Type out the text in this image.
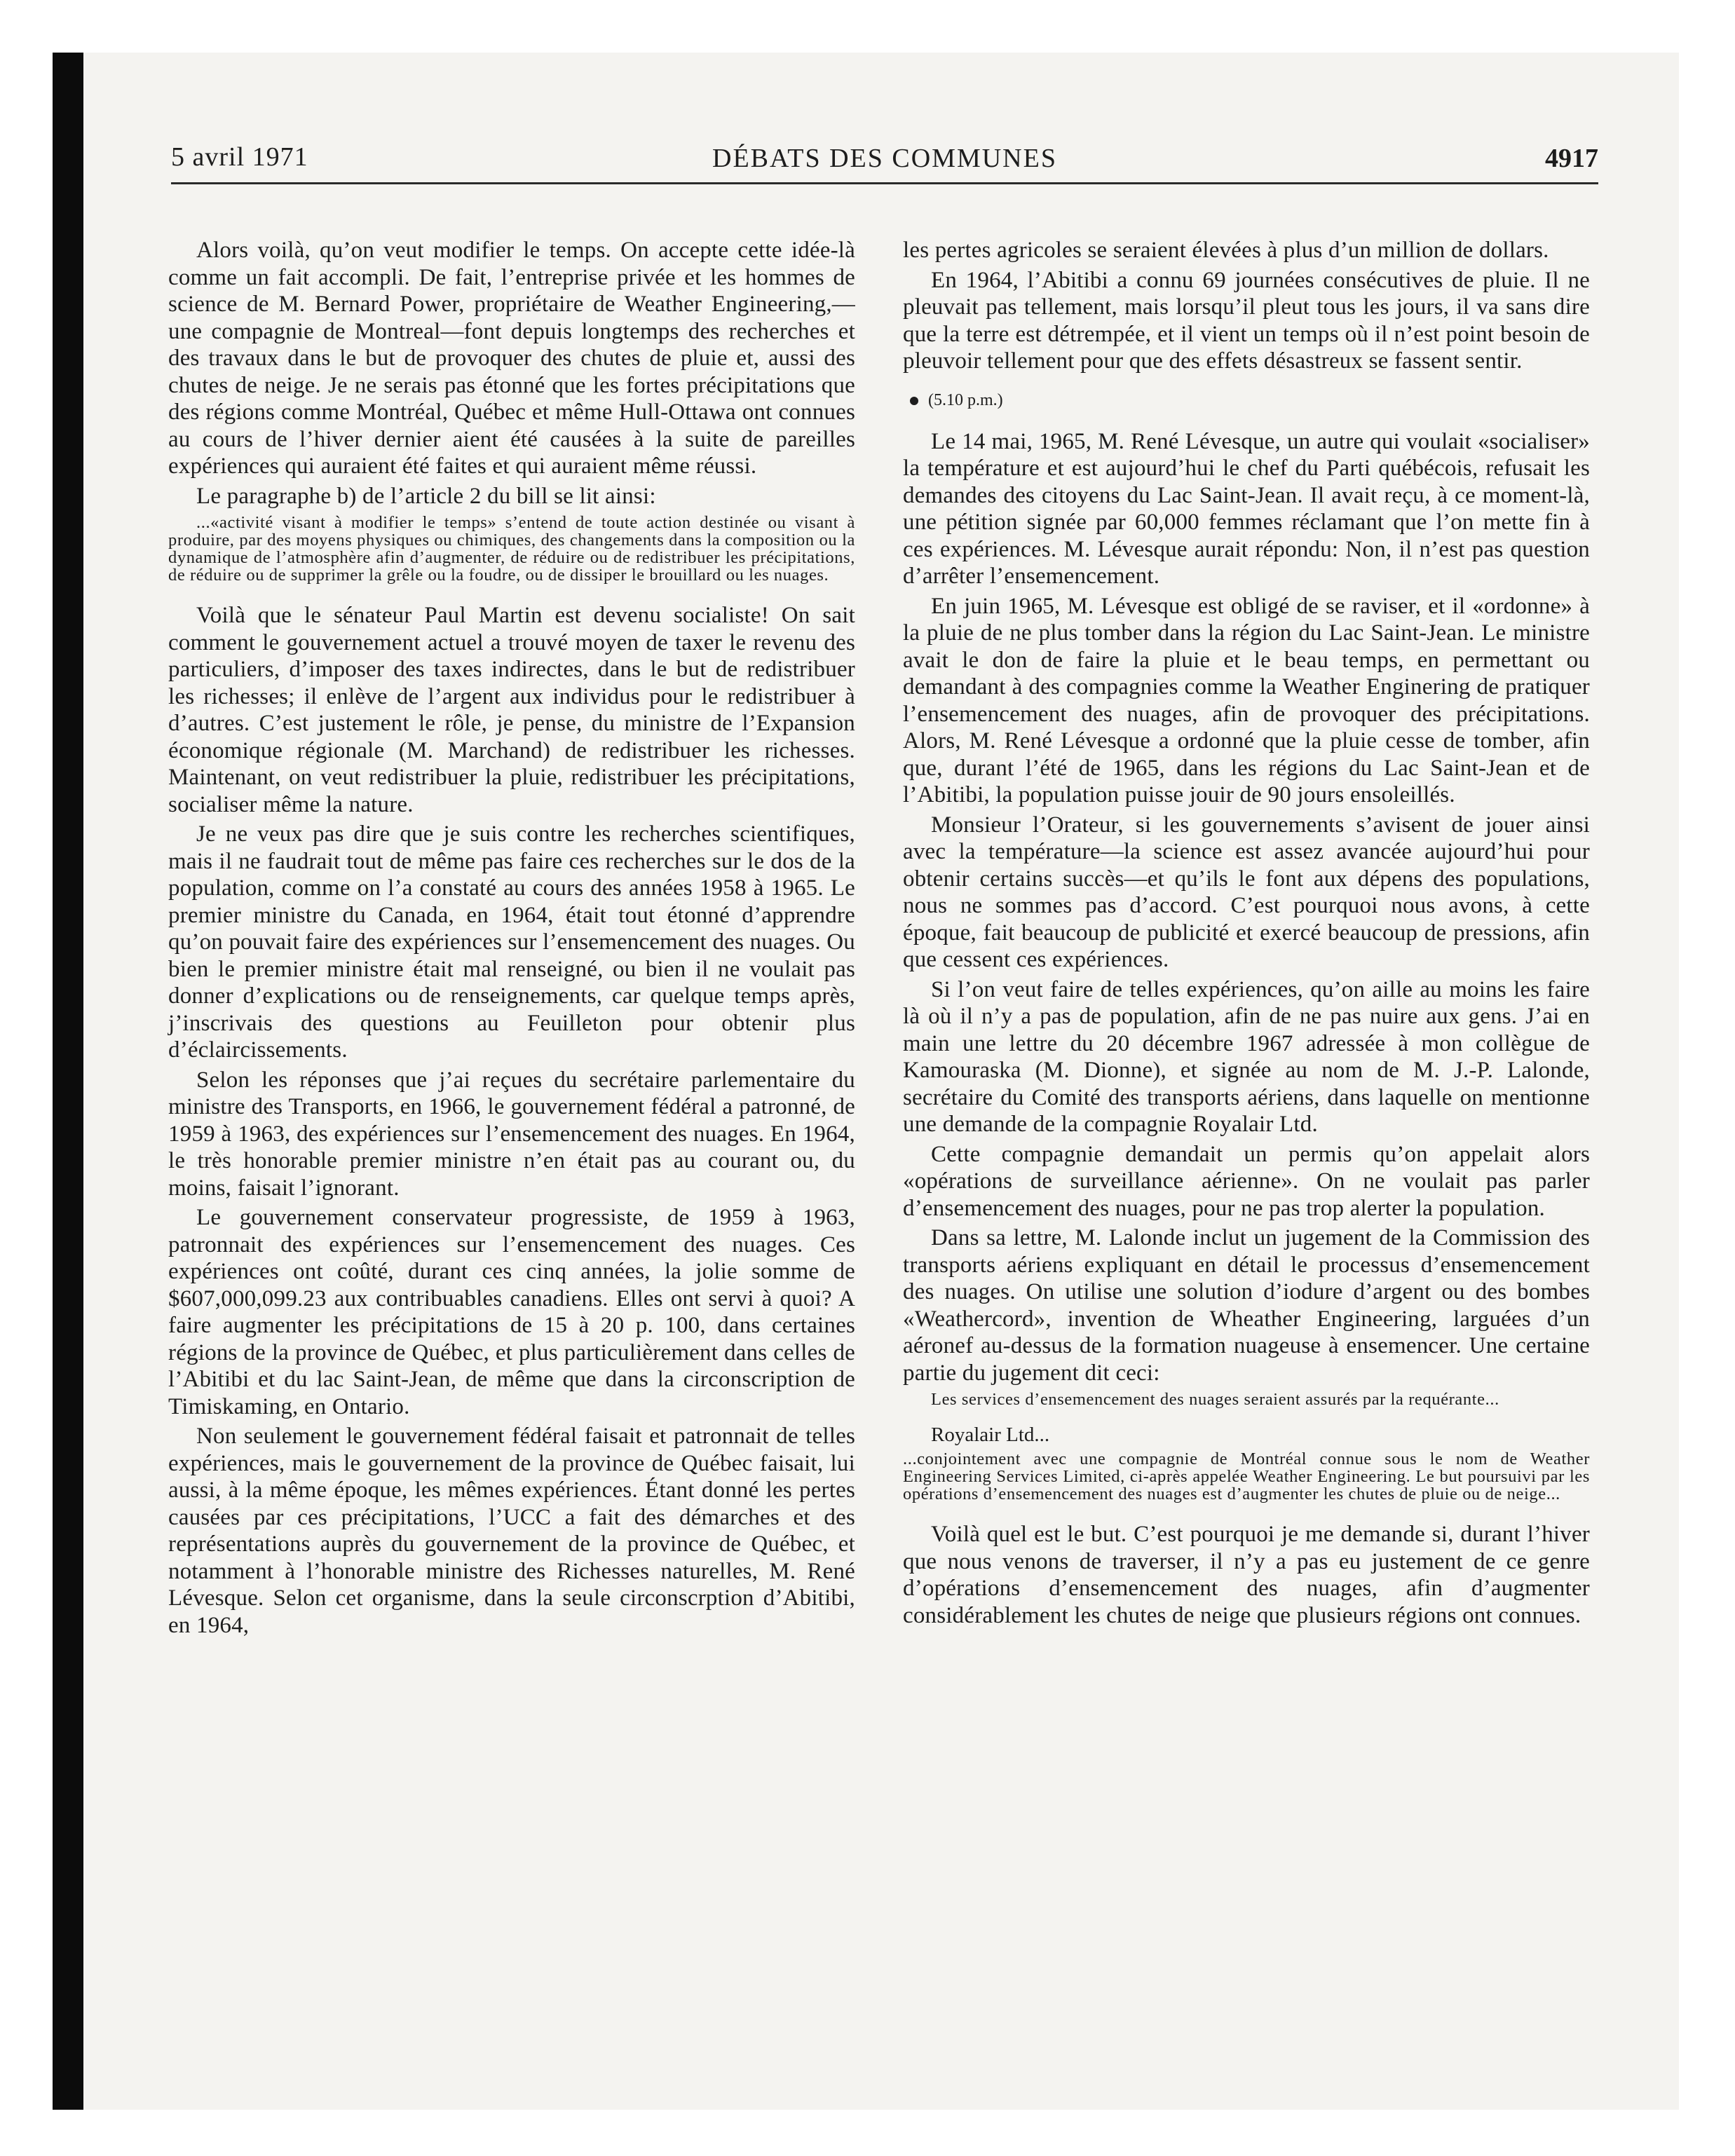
5 avril 1971	DÉBATS DES COMMUNES	4917

Alors voilà, qu’on veut modifier le temps. On accepte cette idée-là comme un fait accompli. De fait, l’entreprise privée et les hommes de science de M. Bernard Power, propriétaire de Weather Engineering,—une compagnie de Montreal—font depuis longtemps des recherches et des travaux dans le but de provoquer des chutes de pluie et, aussi des chutes de neige. Je ne serais pas étonné que les fortes précipitations que des régions comme Montréal, Québec et même Hull-Ottawa ont connues au cours de l’hiver dernier aient été causées à la suite de pareilles expériences qui auraient été faites et qui auraient même réussi.

Le paragraphe b) de l’article 2 du bill se lit ainsi:

...«activité visant à modifier le temps» s’entend de toute action destinée ou visant à produire, par des moyens physiques ou chimiques, des changements dans la composition ou la dynamique de l’atmosphère afin d’augmenter, de réduire ou de redistribuer les précipitations, de réduire ou de supprimer la grêle ou la foudre, ou de dissiper le brouillard ou les nuages.

Voilà que le sénateur Paul Martin est devenu socialiste! On sait comment le gouvernement actuel a trouvé moyen de taxer le revenu des particuliers, d’imposer des taxes indirectes, dans le but de redistribuer les richesses; il enlève de l’argent aux individus pour le redistribuer à d’autres. C’est justement le rôle, je pense, du ministre de l’Expansion économique régionale (M. Marchand) de redistribuer les richesses. Maintenant, on veut redistribuer la pluie, redistribuer les précipitations, socialiser même la nature.

Je ne veux pas dire que je suis contre les recherches scientifiques, mais il ne faudrait tout de même pas faire ces recherches sur le dos de la population, comme on l’a constaté au cours des années 1958 à 1965. Le premier ministre du Canada, en 1964, était tout étonné d’apprendre qu’on pouvait faire des expériences sur l’ensemencement des nuages. Ou bien le premier ministre était mal renseigné, ou bien il ne voulait pas donner d’explications ou de renseignements, car quelque temps après, j’inscrivais des questions au Feuilleton pour obtenir plus d’éclaircissements.

Selon les réponses que j’ai reçues du secrétaire parlementaire du ministre des Transports, en 1966, le gouvernement fédéral a patronné, de 1959 à 1963, des expériences sur l’ensemencement des nuages. En 1964, le très honorable premier ministre n’en était pas au courant ou, du moins, faisait l’ignorant.

Le gouvernement conservateur progressiste, de 1959 à 1963, patronnait des expériences sur l’ensemencement des nuages. Ces expériences ont coûté, durant ces cinq années, la jolie somme de $607,000,099.23 aux contribuables canadiens. Elles ont servi à quoi? A faire augmenter les précipitations de 15 à 20 p. 100, dans certaines régions de la province de Québec, et plus particulièrement dans celles de l’Abitibi et du lac Saint-Jean, de même que dans la circonscription de Timiskaming, en Ontario.

Non seulement le gouvernement fédéral faisait et patronnait de telles expériences, mais le gouvernement de la province de Québec faisait, lui aussi, à la même époque, les mêmes expériences. Étant donné les pertes causées par ces précipitations, l’UCC a fait des démarches et des représentations auprès du gouvernement de la province de Québec, et notamment à l’honorable ministre des Richesses naturelles, M. René Lévesque. Selon cet organisme, dans la seule circonscrption d’Abitibi, en 1964,

les pertes agricoles se seraient élevées à plus d’un million de dollars.

En 1964, l’Abitibi a connu 69 journées consécutives de pluie. Il ne pleuvait pas tellement, mais lorsqu’il pleut tous les jours, il va sans dire que la terre est détrempée, et il vient un temps où il n’est point besoin de pleuvoir tellement pour que des effets désastreux se fassent sentir.

(5.10 p.m.)

Le 14 mai, 1965, M. René Lévesque, un autre qui voulait «socialiser» la température et est aujourd’hui le chef du Parti québécois, refusait les demandes des citoyens du Lac Saint-Jean. Il avait reçu, à ce moment-là, une pétition signée par 60,000 femmes réclamant que l’on mette fin à ces expériences. M. Lévesque aurait répondu: Non, il n’est pas question d’arrêter l’ensemencement.

En juin 1965, M. Lévesque est obligé de se raviser, et il «ordonne» à la pluie de ne plus tomber dans la région du Lac Saint-Jean. Le ministre avait le don de faire la pluie et le beau temps, en permettant ou demandant à des compagnies comme la Weather Enginering de pratiquer l’ensemencement des nuages, afin de provoquer des précipitations. Alors, M. René Lévesque a ordonné que la pluie cesse de tomber, afin que, durant l’été de 1965, dans les régions du Lac Saint-Jean et de l’Abitibi, la population puisse jouir de 90 jours ensoleillés.

Monsieur l’Orateur, si les gouvernements s’avisent de jouer ainsi avec la température—la science est assez avancée aujourd’hui pour obtenir certains succès—et qu’ils le font aux dépens des populations, nous ne sommes pas d’accord. C’est pourquoi nous avons, à cette époque, fait beaucoup de publicité et exercé beaucoup de pressions, afin que cessent ces expériences.

Si l’on veut faire de telles expériences, qu’on aille au moins les faire là où il n’y a pas de population, afin de ne pas nuire aux gens. J’ai en main une lettre du 20 décembre 1967 adressée à mon collègue de Kamouraska (M. Dionne), et signée au nom de M. J.-P. Lalonde, secrétaire du Comité des transports aériens, dans laquelle on mentionne une demande de la compagnie Royalair Ltd.

Cette compagnie demandait un permis qu’on appelait alors «opérations de surveillance aérienne». On ne voulait pas parler d’ensemencement des nuages, pour ne pas trop alerter la population.

Dans sa lettre, M. Lalonde inclut un jugement de la Commission des transports aériens expliquant en détail le processus d’ensemencement des nuages. On utilise une solution d’iodure d’argent ou des bombes «Weathercord», invention de Wheather Engineering, larguées d’un aéronef au-dessus de la formation nuageuse à ensemencer. Une certaine partie du jugement dit ceci:

Les services d’ensemencement des nuages seraient assurés par la requérante...

Royalair Ltd...

...conjointement avec une compagnie de Montréal connue sous le nom de Weather Engineering Services Limited, ci-après appelée Weather Engineering. Le but poursuivi par les opérations d’ensemencement des nuages est d’augmenter les chutes de pluie ou de neige...

Voilà quel est le but. C’est pourquoi je me demande si, durant l’hiver que nous venons de traverser, il n’y a pas eu justement de ce genre d’opérations d’ensemencement des nuages, afin d’augmenter considérablement les chutes de neige que plusieurs régions ont connues.
